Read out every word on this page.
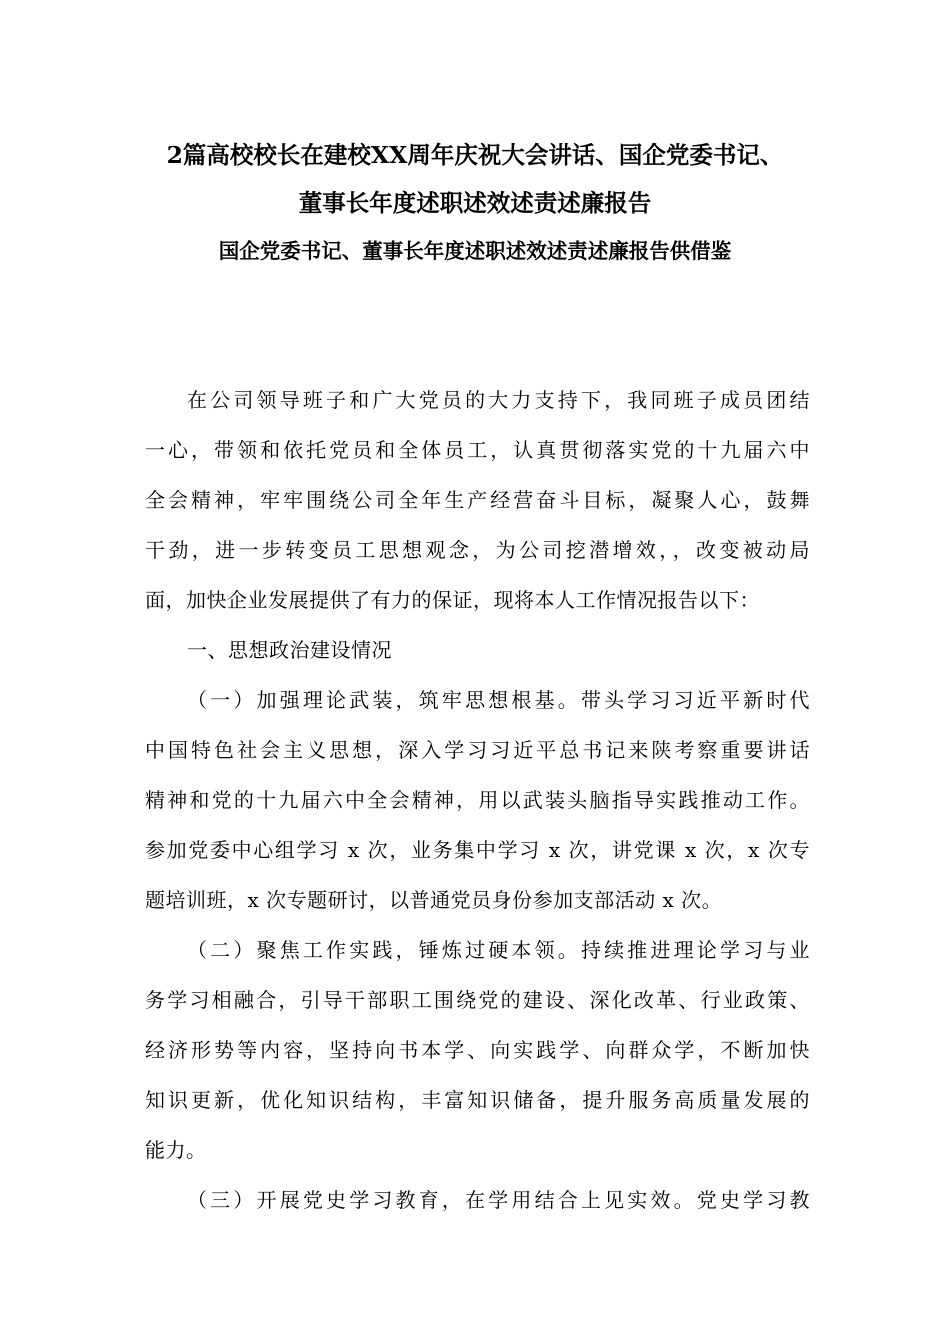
2篇高校校长在建校XX周年庆祝大会讲话、国企党委书记、
董事长年度述职述效述责述廉报告
国企党委书记、董事长年度述职述效述责述廉报告供借鉴
在公司领导班子和广大党员的大力支持下，我同班子成员团结
一心，带领和依托党员和全体员工，认真贯彻落实党的十九届六中
全会精神，牢牢围绕公司全年生产经营奋斗目标，凝聚人心，鼓舞
干劲，进一步转变员工思想观念，为公司挖潜增效，，改变被动局
面，加快企业发展提供了有力的保证，现将本人工作情况报告以下：
一、思想政治建设情况
（一）加强理论武装，筑牢思想根基。带头学习习近平新时代
中国特色社会主义思想，深入学习习近平总书记来陕考察重要讲话
精神和党的十九届六中全会精神，用以武装头脑指导实践推动工作。
参加党委中心组学习 x 次，业务集中学习 x 次，讲党课 x 次，x 次专
题培训班，x 次专题研讨，以普通党员身份参加支部活动 x 次。
（二）聚焦工作实践，锤炼过硬本领。持续推进理论学习与业
务学习相融合，引导干部职工围绕党的建设、深化改革、行业政策、
经济形势等内容，坚持向书本学、向实践学、向群众学，不断加快
知识更新，优化知识结构，丰富知识储备，提升服务高质量发展的
能力。
（三）开展党史学习教育，在学用结合上见实效。党史学习教
